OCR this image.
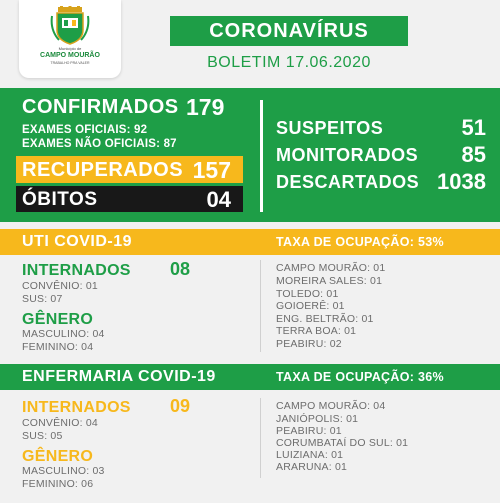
Município de
CAMPO MOURÃO
TRABALHO PRA VALER
CORONAVÍRUS
BOLETIM 17.06.2020
CONFIRMADOS 179
EXAMES OFICIAIS: 92
EXAMES NÃO OFICIAIS: 87
RECUPERADOS 157
ÓBITOS	04
SUSPEITOS	51
MONITORADOS 85
DESCARTADOS 1038
UTI COVID-19	TAXA DE OCUPAÇÃO: 53%
INTERNADOS 08
CONVÊNIO: 01
SUS: 07
GÊNERO
MASCULINO: 04
FEMININO: 04
CAMPO MOURÃO: 01
MOREIRA SALES: 01
TOLEDO: 01
GOIOERÊ: 01
ENG. BELTRÃO: 01
TERRA BOA: 01
PEABIRU: 02
ENFERMARIA COVID-19	TAXA DE OCUPAÇÃO: 36%
INTERNADOS 09
CONVÊNIO: 04
SUS: 05
GÊNERO
MASCULINO: 03
FEMININO: 06
CAMPO MOURÃO: 04
JANIÓPOLIS: 01
PEABIRU: 01
CORUMBATAÍ DO SUL: 01
LUIZIANA: 01
ARARUNA: 01
